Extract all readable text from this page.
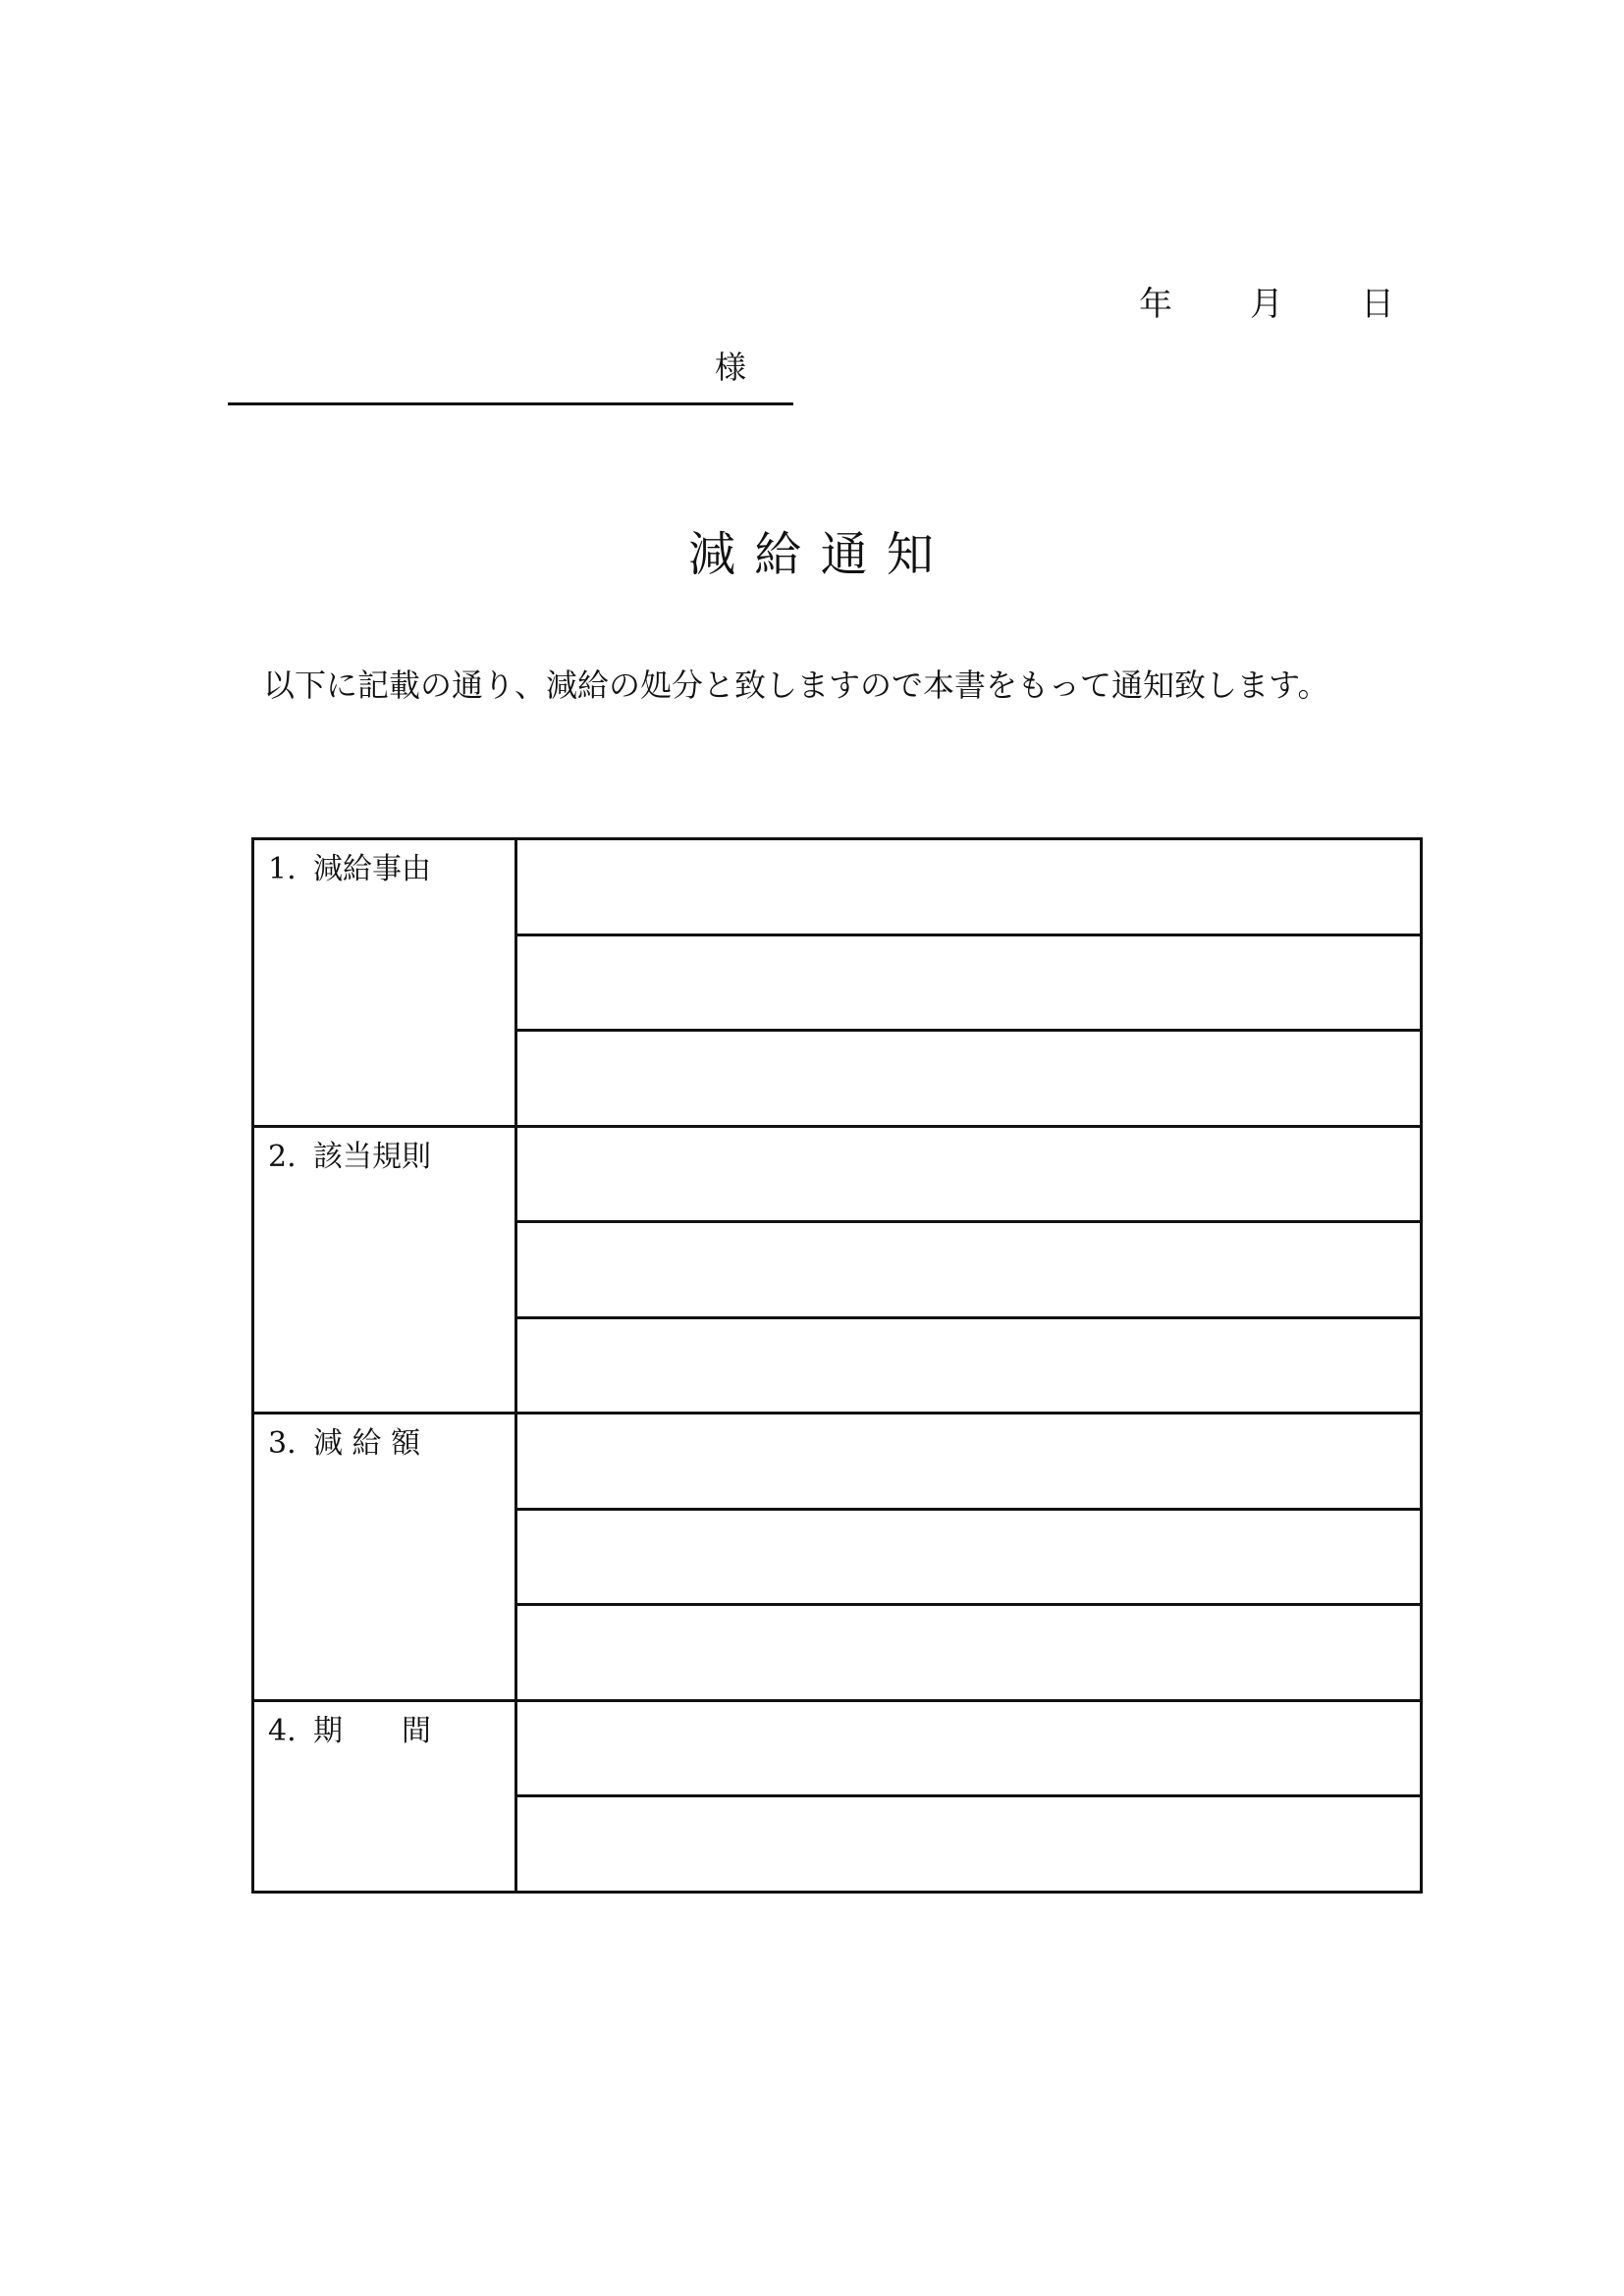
年 月 日
様
減 給 通 知
以下に記載の通り、減給の処分と致しますので本書をもって通知致します。
1. 減給事由	

2. 該当規則	

3. 減 給 額	

4. 期　　間	
